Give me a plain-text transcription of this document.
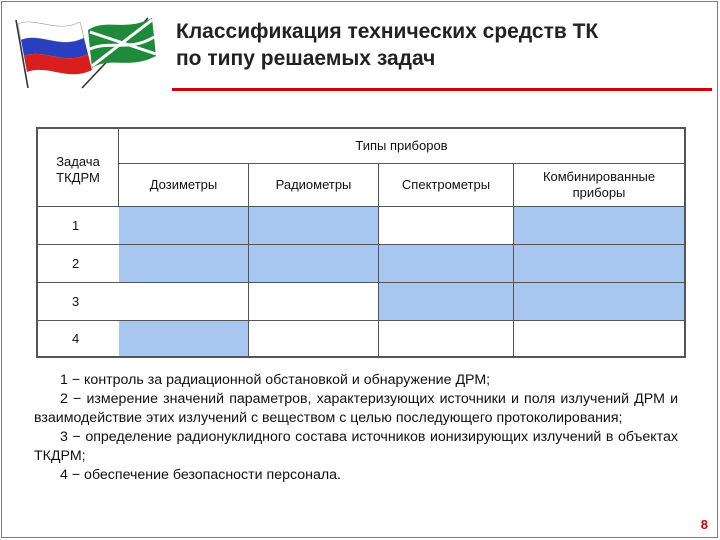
Классификация технических средств ТК
по типу решаемых задач
Задача
ТКДРМ
Типы приборов
Дозиметры	Радиометры	Спектрометры
Комбинированные приборы
1
2
3
4

1 − контроль за радиационной обстановкой и обнаружение ДРМ;

2 − измерение значений параметров, характеризующих источники и поля излучений ДРМ и взаимодействие этих излучений с веществом с целью последующего протоколирования;

3 − определение радионуклидного состава источников ионизирующих излучений в объектах ТКДРМ;

4 − обеспечение безопасности персонала.

8
